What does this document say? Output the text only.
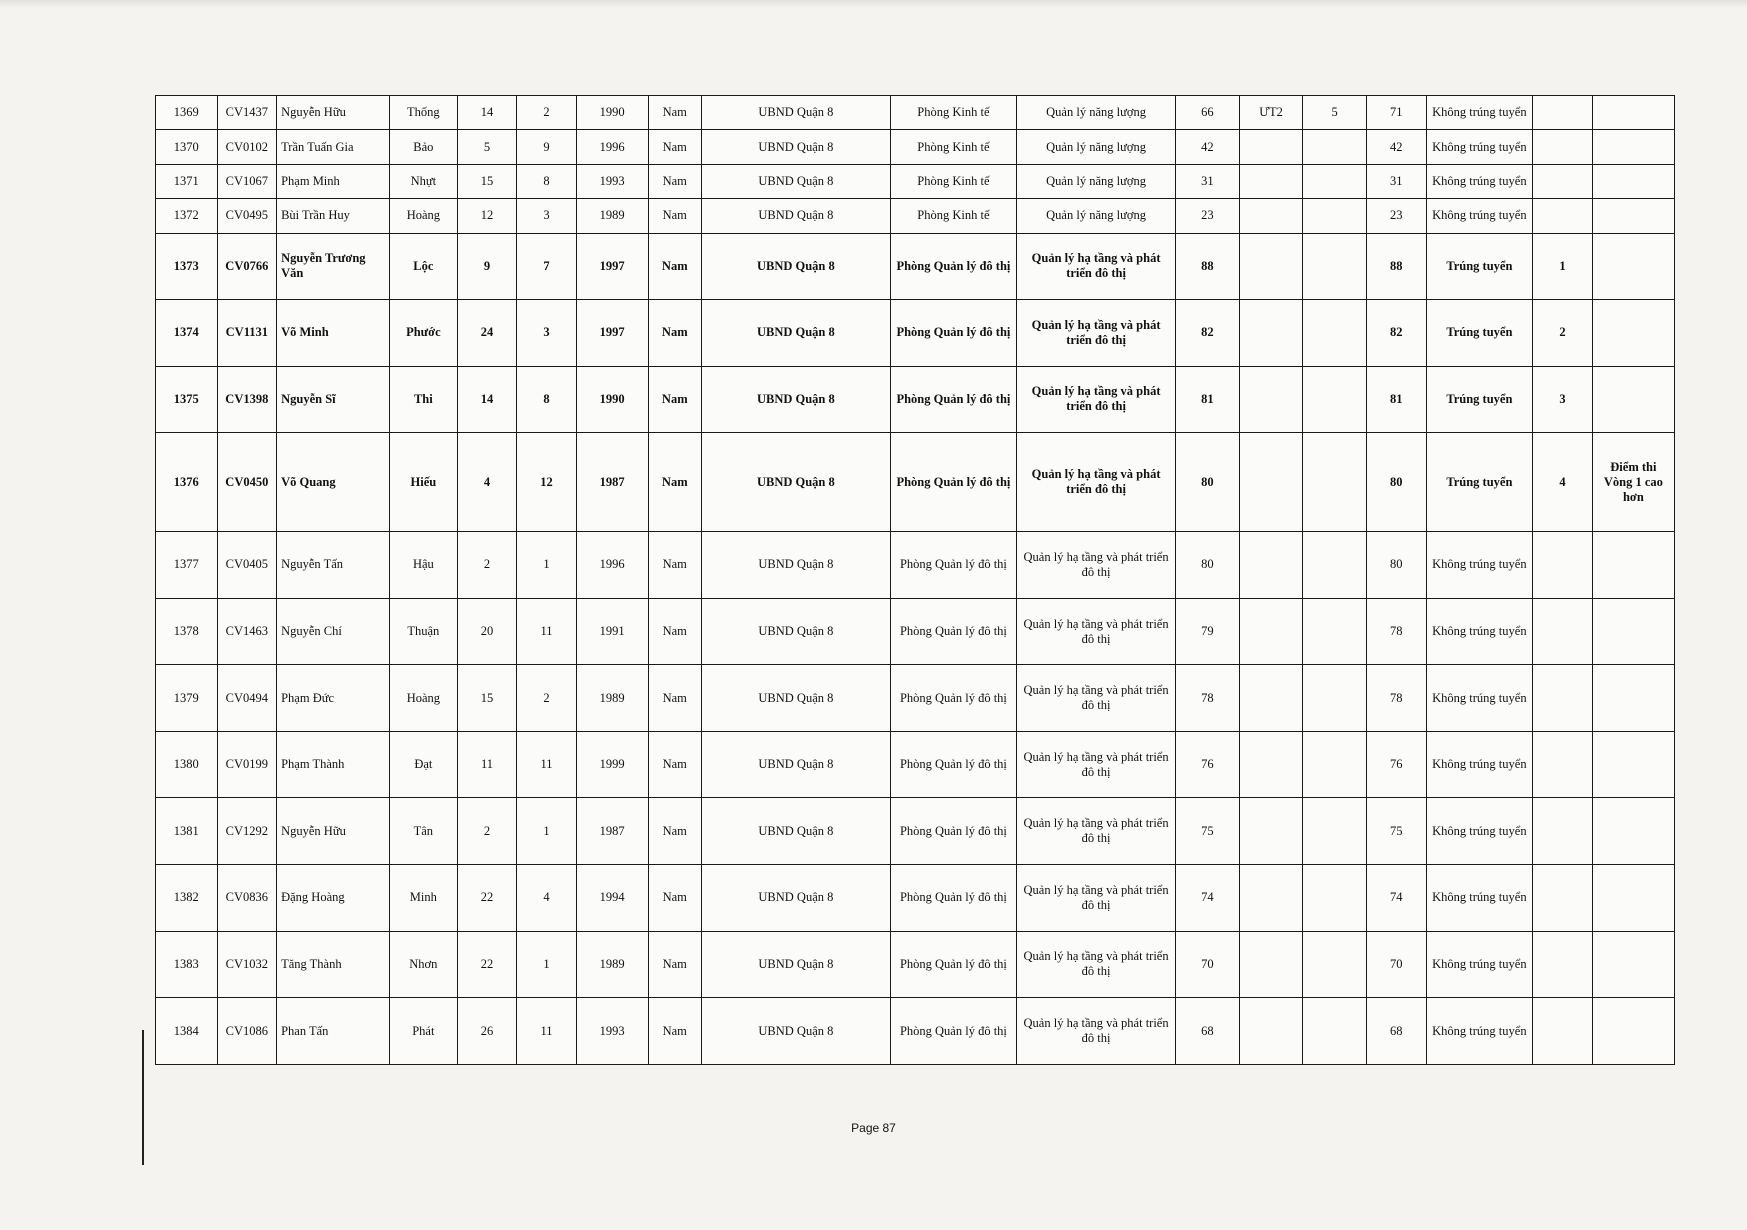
1369	CV1437	Nguyễn Hữu	Thống	14	2	1990	Nam	UBND Quận 8	Phòng Kinh tế	Quản lý năng lượng	66	ƯT2	5	71	Không trúng tuyển		
1370	CV0102	Trần Tuấn Gia	Bảo	5	9	1996	Nam	UBND Quận 8	Phòng Kinh tế	Quản lý năng lượng	42			42	Không trúng tuyển		
1371	CV1067	Phạm Minh	Nhựt	15	8	1993	Nam	UBND Quận 8	Phòng Kinh tế	Quản lý năng lượng	31			31	Không trúng tuyển		
1372	CV0495	Bùi Trần Huy	Hoàng	12	3	1989	Nam	UBND Quận 8	Phòng Kinh tế	Quản lý năng lượng	23			23	Không trúng tuyển		
1373	CV0766	Nguyễn Trương Văn	Lộc	9	7	1997	Nam	UBND Quận 8	Phòng Quản lý đô thị	Quản lý hạ tầng và phát triển đô thị	88			88	Trúng tuyển	1	
1374	CV1131	Võ Minh	Phước	24	3	1997	Nam	UBND Quận 8	Phòng Quản lý đô thị	Quản lý hạ tầng và phát triển đô thị	82			82	Trúng tuyển	2	
1375	CV1398	Nguyễn Sĩ	Thi	14	8	1990	Nam	UBND Quận 8	Phòng Quản lý đô thị	Quản lý hạ tầng và phát triển đô thị	81			81	Trúng tuyển	3	
1376	CV0450	Võ Quang	Hiếu	4	12	1987	Nam	UBND Quận 8	Phòng Quản lý đô thị	Quản lý hạ tầng và phát triển đô thị	80			80	Trúng tuyển	4	Điểm thi Vòng 1 cao hơn
1377	CV0405	Nguyễn Tấn	Hậu	2	1	1996	Nam	UBND Quận 8	Phòng Quản lý đô thị	Quản lý hạ tầng và phát triển đô thị	80			80	Không trúng tuyển		
1378	CV1463	Nguyễn Chí	Thuận	20	11	1991	Nam	UBND Quận 8	Phòng Quản lý đô thị	Quản lý hạ tầng và phát triển đô thị	79			78	Không trúng tuyển		
1379	CV0494	Phạm Đức	Hoàng	15	2	1989	Nam	UBND Quận 8	Phòng Quản lý đô thị	Quản lý hạ tầng và phát triển đô thị	78			78	Không trúng tuyển		
1380	CV0199	Phạm Thành	Đạt	11	11	1999	Nam	UBND Quận 8	Phòng Quản lý đô thị	Quản lý hạ tầng và phát triển đô thị	76			76	Không trúng tuyển		
1381	CV1292	Nguyễn Hữu	Tân	2	1	1987	Nam	UBND Quận 8	Phòng Quản lý đô thị	Quản lý hạ tầng và phát triển đô thị	75			75	Không trúng tuyển		
1382	CV0836	Đặng Hoàng	Minh	22	4	1994	Nam	UBND Quận 8	Phòng Quản lý đô thị	Quản lý hạ tầng và phát triển đô thị	74			74	Không trúng tuyển		
1383	CV1032	Tăng Thành	Nhơn	22	1	1989	Nam	UBND Quận 8	Phòng Quản lý đô thị	Quản lý hạ tầng và phát triển đô thị	70			70	Không trúng tuyển		
1384	CV1086	Phan Tấn	Phát	26	11	1993	Nam	UBND Quận 8	Phòng Quản lý đô thị	Quản lý hạ tầng và phát triển đô thị	68			68	Không trúng tuyển		
Page 87
